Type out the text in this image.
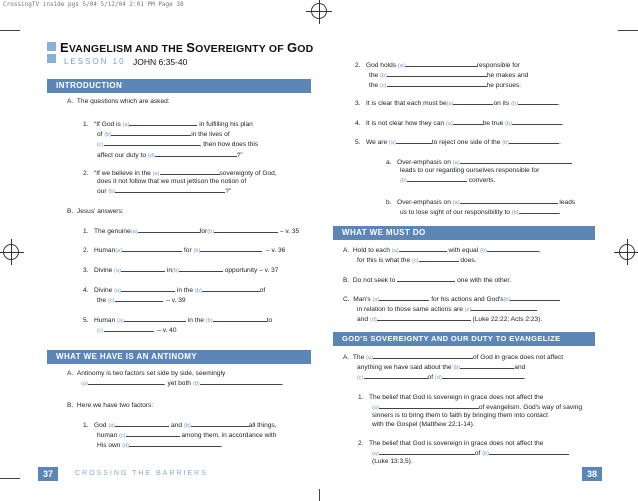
CrossingTV inside pgs 5/04 5/12/04 2:01 PM Page 38
EVANGELISM AND THE SOVEREIGNTY OF GOD
LESSON 10 JOHN 6:35-40
INTRODUCTION
A. The questions which are asked:
1. “If God is (a)	in fulfilling his plan
of (b)	in the lives of
(c)	, then how does this
affect our duty to (d)	?”
2. “If we believe in the (a)	sovereignty of God,
does it not follow that we must jettison the notion of
our (b)	?”
B. Jesus' answers:
1. The genuine(a)	for(b)	– v. 35
2. Human(a)	for (b)	– v. 36
3. Divine (a)	in(b)	opportunity – v. 37
4. Divine (a)	in the (b)	of
the (c)	– v. 39
5. Human (a)	in the (b)	to
(c)	– v. 40
WHAT WE HAVE IS AN ANTINOMY
A. Antinomy is two factors set side by side, seemingly
(a)	, yet both (b)	.
B. Here we have two factors:
1. God (a)	and (b)	all things,
human (c)	among them, in accordance with
His own (d)	.
37	CROSSING THE BARRIERS
2. God holds (a)	responsible for
the (b)	he makes and
the (c)	he pursues.
3. It is clear that each must be(a)	on its (b)	.
4. It is not clear how they can (a)	be true (b)	.
5. We are (a)	to reject one side of the (b)	.
a. Over-emphasis on (a)
leads to our regarding ourselves responsible for
(b)	converts.
b. Over-emphasis on (a)	leads
us to lose sight of our responsibility to (b)	.
WHAT WE MUST DO
A. Hold to each (a)	with equal (b)	,
for this is what the (c)	does.
B. Do not seek to	one with the other.
C. Man's (a)	for his actions and God's(b)
in relation to those same actions are (c)
and (d)	(Luke 22:22; Acts 2:23).
GOD'S SOVEREIGNTY AND OUR DUTY TO EVANGELIZE
A. The (a)	of God in grace does not affect
anything we have said about the (b)	and
(c)	of (d)	.
1. The belief that God is sovereign in grace does not affect the
(a)	of evangelism. God's way of saving
sinners is to bring them to faith by bringing them into contact
with the Gospel (Matthew 22:1-14).
2. The belief that God is sovereign in grace does not affect the
(a)	of (b)
(Luke 13:3,5).
38
